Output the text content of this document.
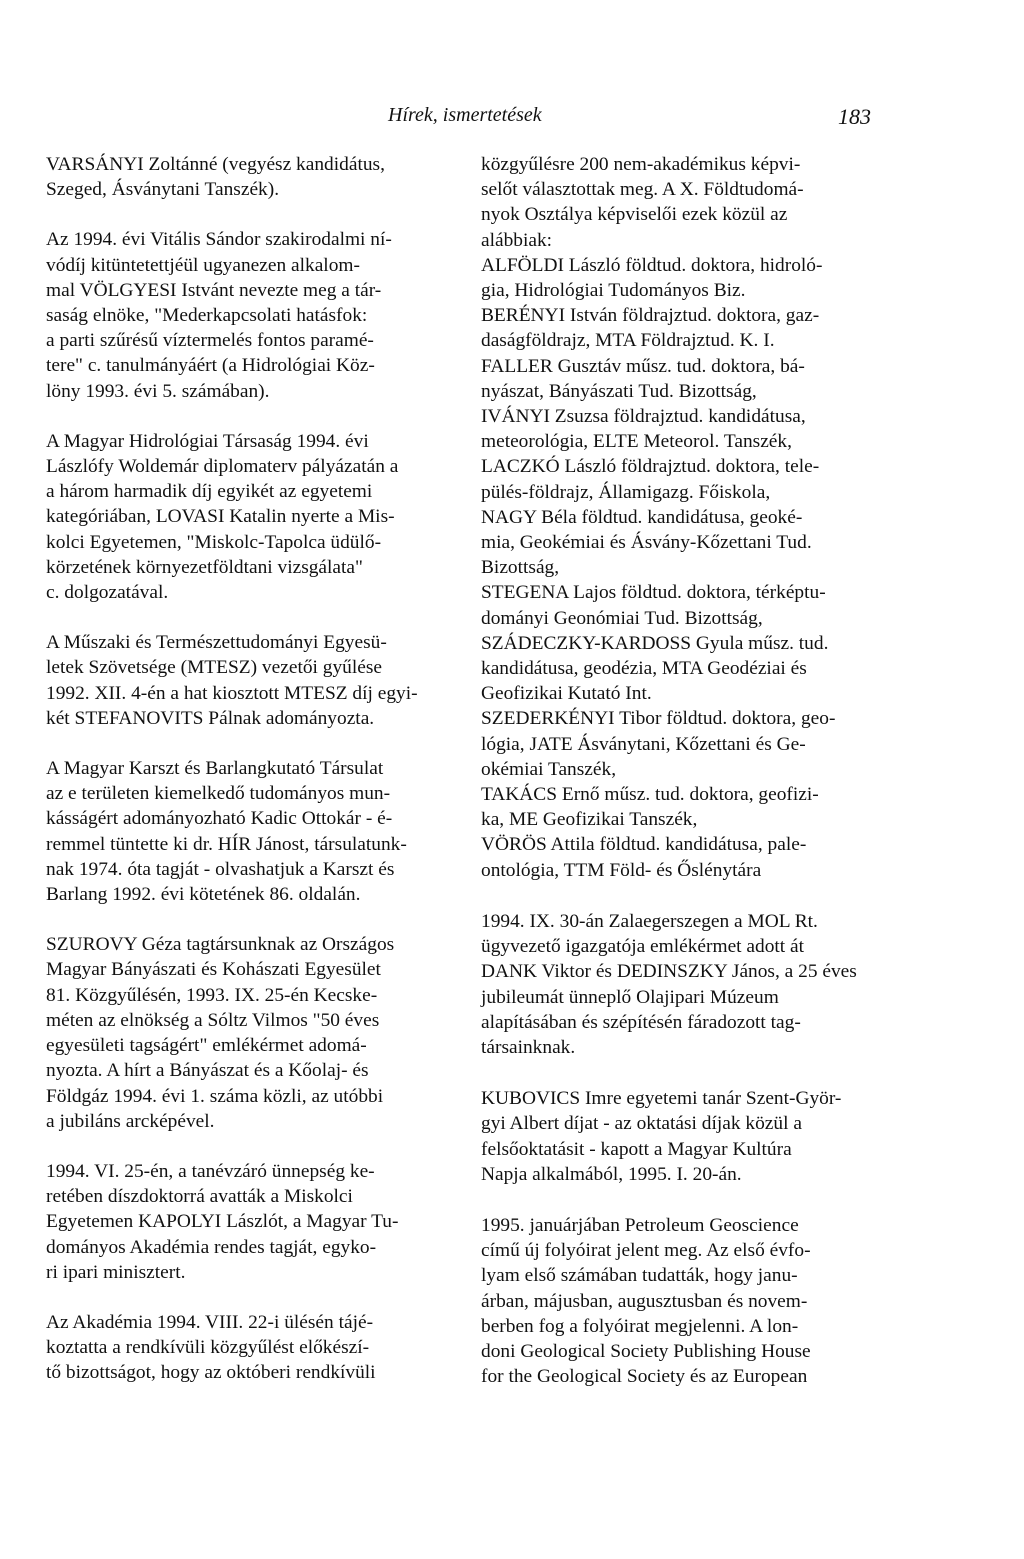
Hírek, ismertetések	183
VARSÁNYI Zoltánné (vegyész kandidátus,
Szeged, Ásványtani Tanszék).
Az 1994. évi Vitális Sándor szakirodalmi ní-
vódíj kitüntetettjéül ugyanezen alkalom-
mal VÖLGYESI Istvánt nevezte meg a tár-
saság elnöke, "Mederkapcsolati hatásfok:
a parti szűrésű víztermelés fontos paramé-
tere" c. tanulmányáért (a Hidrológiai Köz-
löny 1993. évi 5. számában).
A Magyar Hidrológiai Társaság 1994. évi
Lászlófy Woldemár diplomaterv pályázatán a
a három harmadik díj egyikét az egyetemi
kategóriában, LOVASI Katalin nyerte a Mis-
kolci Egyetemen, "Miskolc-Tapolca üdülő-
körzetének környezetföldtani vizsgálata"
c. dolgozatával.
A Műszaki és Természettudományi Egyesü-
letek Szövetsége (MTESZ) vezetői gyűlése
1992. XII. 4-én a hat kiosztott MTESZ díj egyi-
két STEFANOVITS Pálnak adományozta.
A Magyar Karszt és Barlangkutató Társulat
az e területen kiemelkedő tudományos mun-
kásságért adományozható Kadic Ottokár - é-
remmel tüntette ki dr. HÍR Jánost, társulatunk-
nak 1974. óta tagját - olvashatjuk a Karszt és
Barlang 1992. évi kötetének 86. oldalán.
SZUROVY Géza tagtársunknak az Országos
Magyar Bányászati és Kohászati Egyesület
81. Közgyűlésén, 1993. IX. 25-én Kecske-
méten az elnökség a Sóltz Vilmos "50 éves
egyesületi tagságért" emlékérmet adomá-
nyozta. A hírt a Bányászat és a Kőolaj- és
Földgáz 1994. évi 1. száma közli, az utóbbi
a jubiláns arcképével.
1994. VI. 25-én, a tanévzáró ünnepség ke-
retében díszdoktorrá avatták a Miskolci
Egyetemen KAPOLYI Lászlót, a Magyar Tu-
dományos Akadémia rendes tagját, egyko-
ri ipari minisztert.
Az Akadémia 1994. VIII. 22-i ülésén tájé-
koztatta a rendkívüli közgyűlést előkészí-
tő bizottságot, hogy az októberi rendkívüli
közgyűlésre 200 nem-akadémikus képvi-
selőt választottak meg. A X. Földtudomá-
nyok Osztálya képviselői ezek közül az
alábbiak:
ALFÖLDI László földtud. doktora, hidroló-
gia, Hidrológiai Tudományos Biz.
BERÉNYI István földrajztud. doktora, gaz-
daságföldrajz, MTA Földrajztud. K. I.
FALLER Gusztáv műsz. tud. doktora, bá-
nyászat, Bányászati Tud. Bizottság,
IVÁNYI Zsuzsa földrajztud. kandidátusa,
meteorológia, ELTE Meteorol. Tanszék,
LACZKÓ László földrajztud. doktora, tele-
pülés-földrajz, Államigazg. Főiskola,
NAGY Béla földtud. kandidátusa, geoké-
mia, Geokémiai és Ásvány-Kőzettani Tud.
Bizottság,
STEGENA Lajos földtud. doktora, térképtu-
dományi Geonómiai Tud. Bizottság,
SZÁDECZKY-KARDOSS Gyula műsz. tud.
kandidátusa, geodézia, MTA Geodéziai és
Geofizikai Kutató Int.
SZEDERKÉNYI Tibor földtud. doktora, geo-
lógia, JATE Ásványtani, Kőzettani és Ge-
okémiai Tanszék,
TAKÁCS Ernő műsz. tud. doktora, geofizi-
ka, ME Geofizikai Tanszék,
VÖRÖS Attila földtud. kandidátusa, pale-
ontológia, TTM Föld- és Őslénytára
1994. IX. 30-án Zalaegerszegen a MOL Rt.
ügyvezető igazgatója emlékérmet adott át
DANK Viktor és DEDINSZKY János, a 25 éves
jubileumát ünneplő Olajipari Múzeum
alapításában és szépítésén fáradozott tag-
társainknak.
KUBOVICS Imre egyetemi tanár Szent-Györ-
gyi Albert díjat - az oktatási díjak közül a
felsőoktatásit - kapott a Magyar Kultúra
Napja alkalmából, 1995. I. 20-án.
1995. januárjában Petroleum Geoscience
című új folyóirat jelent meg. Az első évfo-
lyam első számában tudatták, hogy janu-
árban, májusban, augusztusban és novem-
berben fog a folyóirat megjelenni. A lon-
doni Geological Society Publishing House
for the Geological Society és az European
